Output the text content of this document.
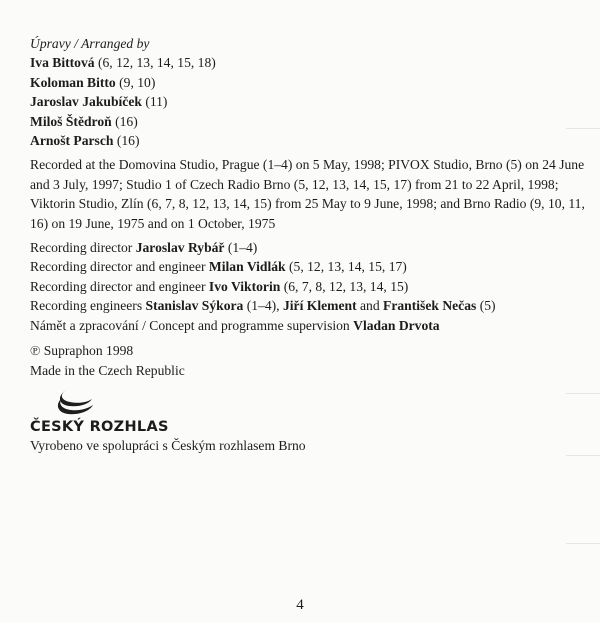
Úpravy / Arranged by
Iva Bittová (6, 12, 13, 14, 15, 18)
Koloman Bitto (9, 10)
Jaroslav Jakubíček (11)
Miloš Štědroň (16)
Arnošt Parsch (16)
Recorded at the Domovina Studio, Prague (1–4) on 5 May, 1998; PIVOX Studio, Brno (5) on 24 June and 3 July, 1997; Studio 1 of Czech Radio Brno (5, 12, 13, 14, 15, 17) from 21 to 22 April, 1998; Viktorin Studio, Zlín (6, 7, 8, 12, 13, 14, 15) from 25 May to 9 June, 1998; and Brno Radio (9, 10, 11, 16) on 19 June, 1975 and on 1 October, 1975
Recording director Jaroslav Rybář (1–4)
Recording director and engineer Milan Vidlák (5, 12, 13, 14, 15, 17)
Recording director and engineer Ivo Viktorin (6, 7, 8, 12, 13, 14, 15)
Recording engineers Stanislav Sýkora (1–4), Jiří Klement and František Nečas (5)
Námět a zpracování / Concept and programme supervision Vladan Drvota
℗ Supraphon 1998
Made in the Czech Republic
ČESKÝ ROZHLAS
Vyrobeno ve spolupráci s Českým rozhlasem Brno
4
